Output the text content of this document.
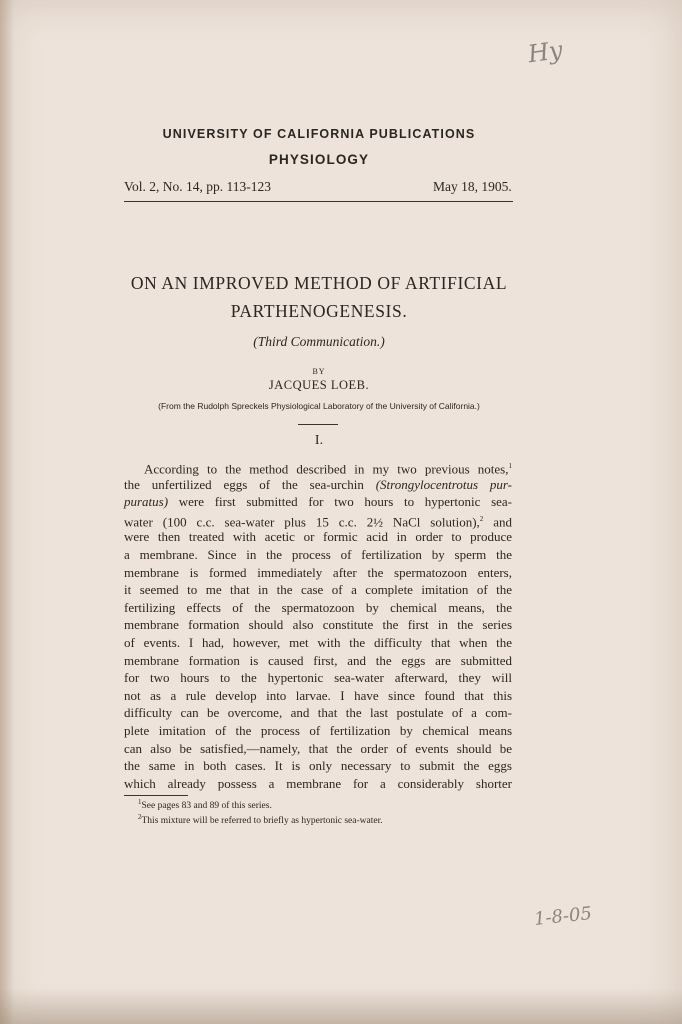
Hy
UNIVERSITY OF CALIFORNIA PUBLICATIONS
PHYSIOLOGY
Vol. 2, No. 14, pp. 113-123	May 18, 1905.
ON AN IMPROVED METHOD OF ARTIFICIAL
PARTHENOGENESIS.
(Third Communication.)
BY
JACQUES LOEB.
(From the Rudolph Spreckels Physiological Laboratory of the University of California.)
I.
According to the method described in my two previous notes,$^1$
the unfertilized eggs of the sea-urchin (Strongylocentrotus pur-
puratus) were first submitted for two hours to hypertonic sea-
water (100 c.c. sea-water plus 15 c.c. 2½ NaCl solution),$^2$ and
were then treated with acetic or formic acid in order to produce
a membrane. Since in the process of fertilization by sperm the
membrane is formed immediately after the spermatozoon enters,
it seemed to me that in the case of a complete imitation of the
fertilizing effects of the spermatozoon by chemical means, the
membrane formation should also constitute the first in the series
of events. I had, however, met with the difficulty that when the
membrane formation is caused first, and the eggs are submitted
for two hours to the hypertonic sea-water afterward, they will
not as a rule develop into larvae. I have since found that this
difficulty can be overcome, and that the last postulate of a com-
plete imitation of the process of fertilization by chemical means
can also be satisfied,—namely, that the order of events should be
the same in both cases. It is only necessary to submit the eggs
which already possess a membrane for a considerably shorter
$^1$See pages 83 and 89 of this series.
$^2$This mixture will be referred to briefly as hypertonic sea-water.
1-8-05
